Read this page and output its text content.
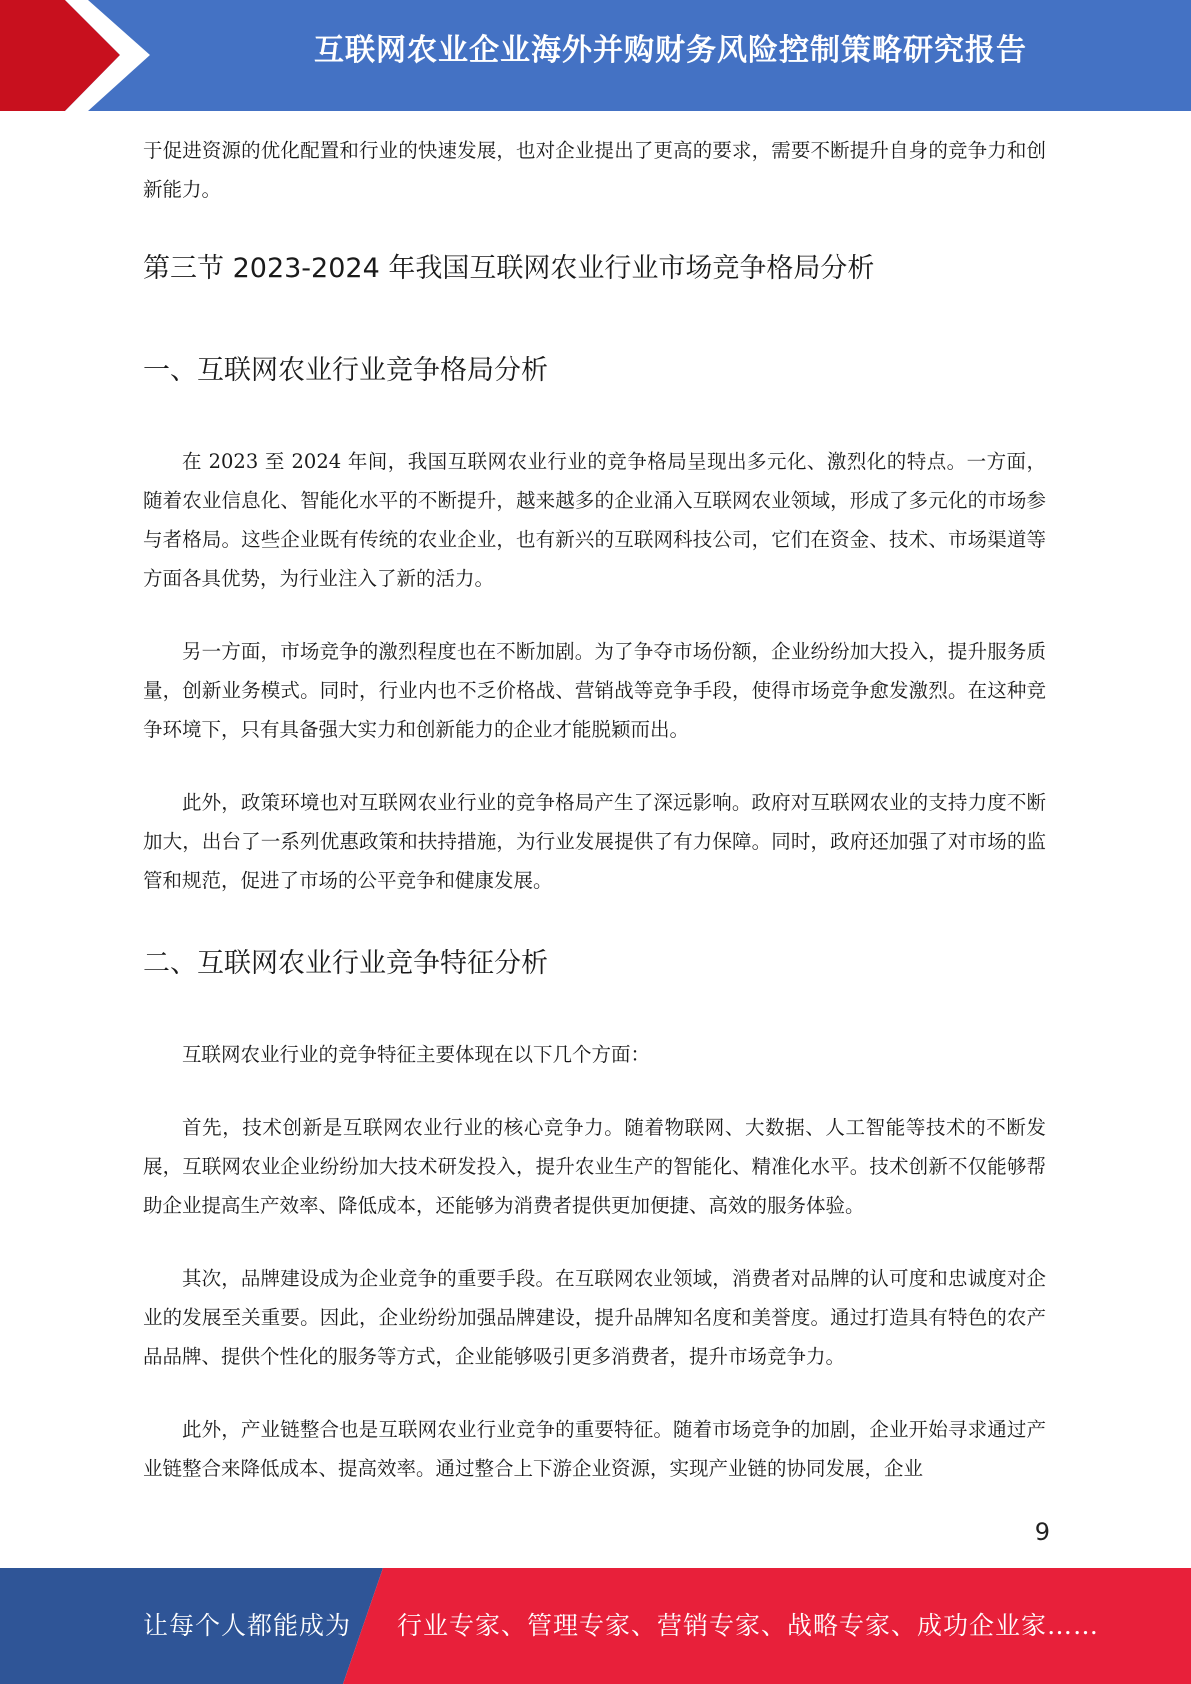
互联网农业企业海外并购财务风险控制策略研究报告

于促进资源的优化配置和行业的快速发展，也对企业提出了更高的要求，需要不断提升自身的竞争力和创新能力。

第三节 2023-2024 年我国互联网农业行业市场竞争格局分析
一、互联网农业行业竞争格局分析

在 2023 至 2024 年间，我国互联网农业行业的竞争格局呈现出多元化、激烈化的特点。一方面，随着农业信息化、智能化水平的不断提升，越来越多的企业涌入互联网农业领域，形成了多元化的市场参与者格局。这些企业既有传统的农业企业，也有新兴的互联网科技公司，它们在资金、技术、市场渠道等方面各具优势，为行业注入了新的活力。

另一方面，市场竞争的激烈程度也在不断加剧。为了争夺市场份额，企业纷纷加大投入，提升服务质量，创新业务模式。同时，行业内也不乏价格战、营销战等竞争手段，使得市场竞争愈发激烈。在这种竞争环境下，只有具备强大实力和创新能力的企业才能脱颖而出。

此外，政策环境也对互联网农业行业的竞争格局产生了深远影响。政府对互联网农业的支持力度不断加大，出台了一系列优惠政策和扶持措施，为行业发展提供了有力保障。同时，政府还加强了对市场的监管和规范，促进了市场的公平竞争和健康发展。

二、互联网农业行业竞争特征分析

互联网农业行业的竞争特征主要体现在以下几个方面：

首先，技术创新是互联网农业行业的核心竞争力。随着物联网、大数据、人工智能等技术的不断发展，互联网农业企业纷纷加大技术研发投入，提升农业生产的智能化、精准化水平。技术创新不仅能够帮助企业提高生产效率、降低成本，还能够为消费者提供更加便捷、高效的服务体验。

其次，品牌建设成为企业竞争的重要手段。在互联网农业领域，消费者对品牌的认可度和忠诚度对企业的发展至关重要。因此，企业纷纷加强品牌建设，提升品牌知名度和美誉度。通过打造具有特色的农产品品牌、提供个性化的服务等方式，企业能够吸引更多消费者，提升市场竞争力。

此外，产业链整合也是互联网农业行业竞争的重要特征。随着市场竞争的加剧，企业开始寻求通过产业链整合来降低成本、提高效率。通过整合上下游企业资源，实现产业链的协同发展，企业

9
让每个人都能成为 行业专家、管理专家、营销专家、战略专家、成功企业家……
